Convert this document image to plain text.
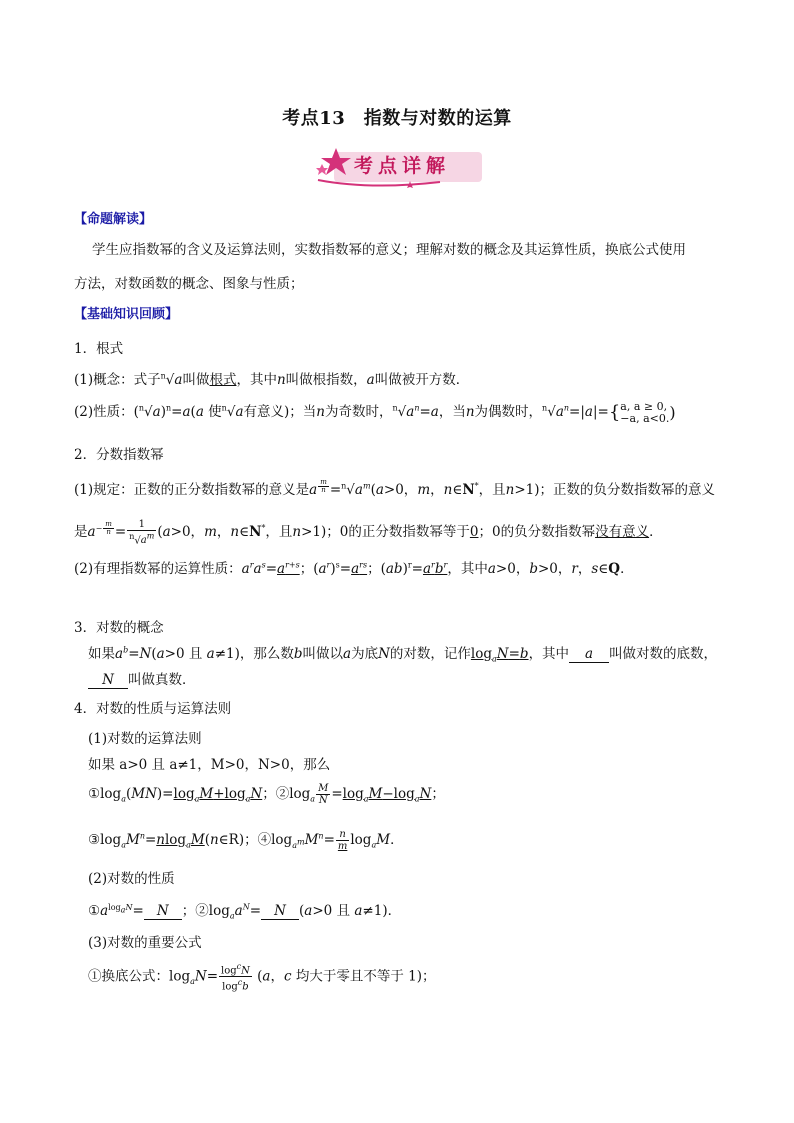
考点13　指数与对数的运算
考点详解
【命题解读】
学生应指数幂的含义及运算法则，实数指数幂的意义；理解对数的概念及其运算性质，换底公式使用
方法，对数函数的概念、图象与性质；
【基础知识回顾】
1．根式
(1)概念：式子$^n$√a叫做根式，其中n叫做根指数，a叫做被开方数．
(2)性质：$(^n√a)^n=a(a$ 使$^n$√a有意义)；当n为奇数时，$^n√a^n=a$，当n为偶数时，$^n√a^n=|a|=${ a, a ≥ 0,
−a, a<0. )
2．分数指数幂
(1)规定：正数的正分数指数幂的意义是a $^{\frac{m}{n}} =^n√a^m(a>0$，m，n∈N*，且n>1)；正数的负分数指数幂的意义
是$a^{- \frac{m}{n}} = \frac{1}{^n√a^m} (a>0$，m，n∈N*，且n>1)；0的正分数指数幂等于0；0的负分数指数幂没有意义．
(2)有理指数幂的运算性质：$a^ra^s=a^{r+s}$；$(a^r)^s=a^{rs}$；$(ab)^r=a^rb^r$，其中a>0，b>0，r，s∈Q．
3．对数的概念
如果$a^b=N(a>0$ 且 a≠1)，那么数b叫做以a为底N的对数，记作$\log_aN=b$，其中 a 叫做对数的底数，
N 叫做真数．
4．对数的性质与运算法则
(1)对数的运算法则
如果 a>0 且 a≠1，M>0，N>0，那么
$①\log_a(MN)=\log_aM+\log_aN$；$②\log_a \frac{M}{N} =\log_aM-\log_aN$；
$③\log_aM^n=nlog_aM(n\in R)$；$④\log_{a^m}M^n= \frac{n}{m} \log_aM$．
(2)对数的性质
$①a^{log_aN}= N$ ；$②\log_aa^N= N$ (a>0 且 a≠1)．
(3)对数的重要公式
①换底公式：$\log_aN= \frac{\log^cN}{\log^cb} (a$，c 均大于零且不等于 1)；
